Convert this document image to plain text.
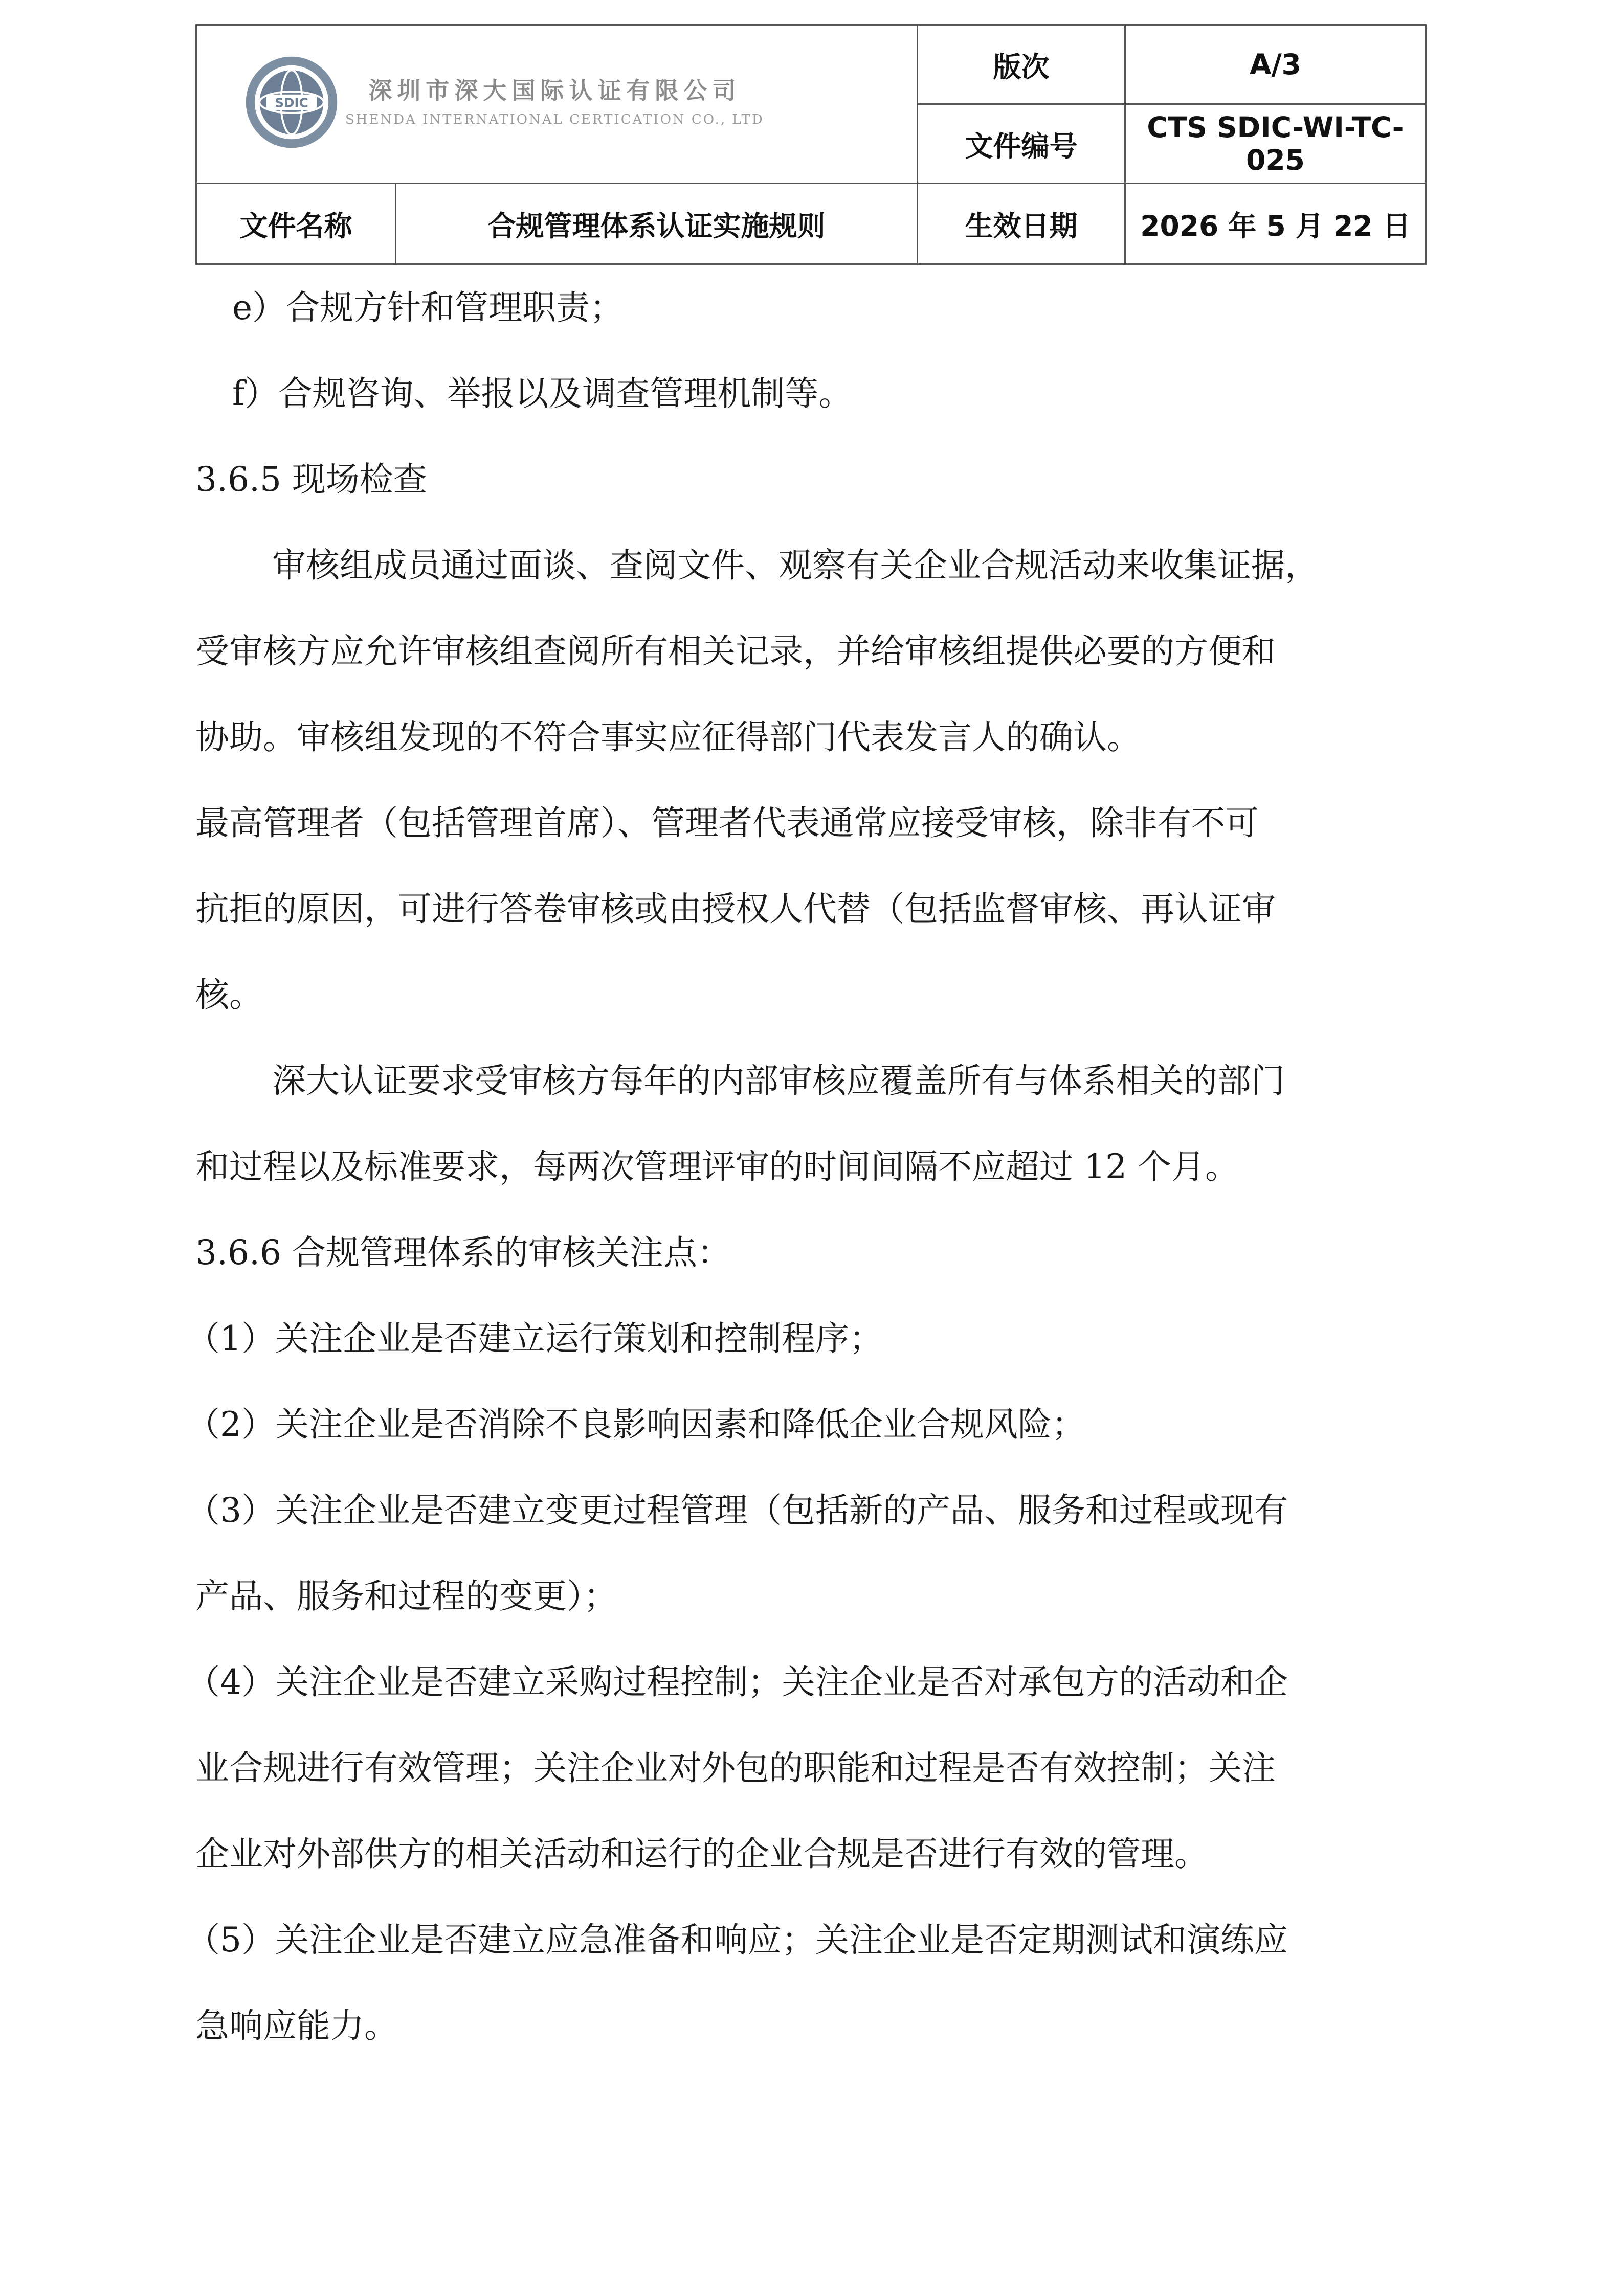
SDIC 深圳市深大国际认证有限公司
SHENDA INTERNATIONAL CERTICATION CO., LTD		版次	A/3
		文件编号	CTS SDIC-WI-TC-025
文件名称	合规管理体系认证实施规则	生效日期	2026 年 5 月 22 日

e）合规方针和管理职责；

f）合规咨询、举报以及调查管理机制等。

3.6.5 现场检查

审核组成员通过面谈、查阅文件、观察有关企业合规活动来收集证据，

受审核方应允许审核组查阅所有相关记录，并给审核组提供必要的方便和

协助。审核组发现的不符合事实应征得部门代表发言人的确认。

最高管理者（包括管理首席）、管理者代表通常应接受审核，除非有不可

抗拒的原因，可进行答卷审核或由授权人代替（包括监督审核、再认证审

核。

深大认证要求受审核方每年的内部审核应覆盖所有与体系相关的部门

和过程以及标准要求，每两次管理评审的时间间隔不应超过 12 个月。

3.6.6 合规管理体系的审核关注点：

（1）关注企业是否建立运行策划和控制程序；

（2）关注企业是否消除不良影响因素和降低企业合规风险；

（3）关注企业是否建立变更过程管理（包括新的产品、服务和过程或现有

产品、服务和过程的变更）；

（4）关注企业是否建立采购过程控制；关注企业是否对承包方的活动和企

业合规进行有效管理；关注企业对外包的职能和过程是否有效控制；关注

企业对外部供方的相关活动和运行的企业合规是否进行有效的管理。

（5）关注企业是否建立应急准备和响应；关注企业是否定期测试和演练应

急响应能力。
